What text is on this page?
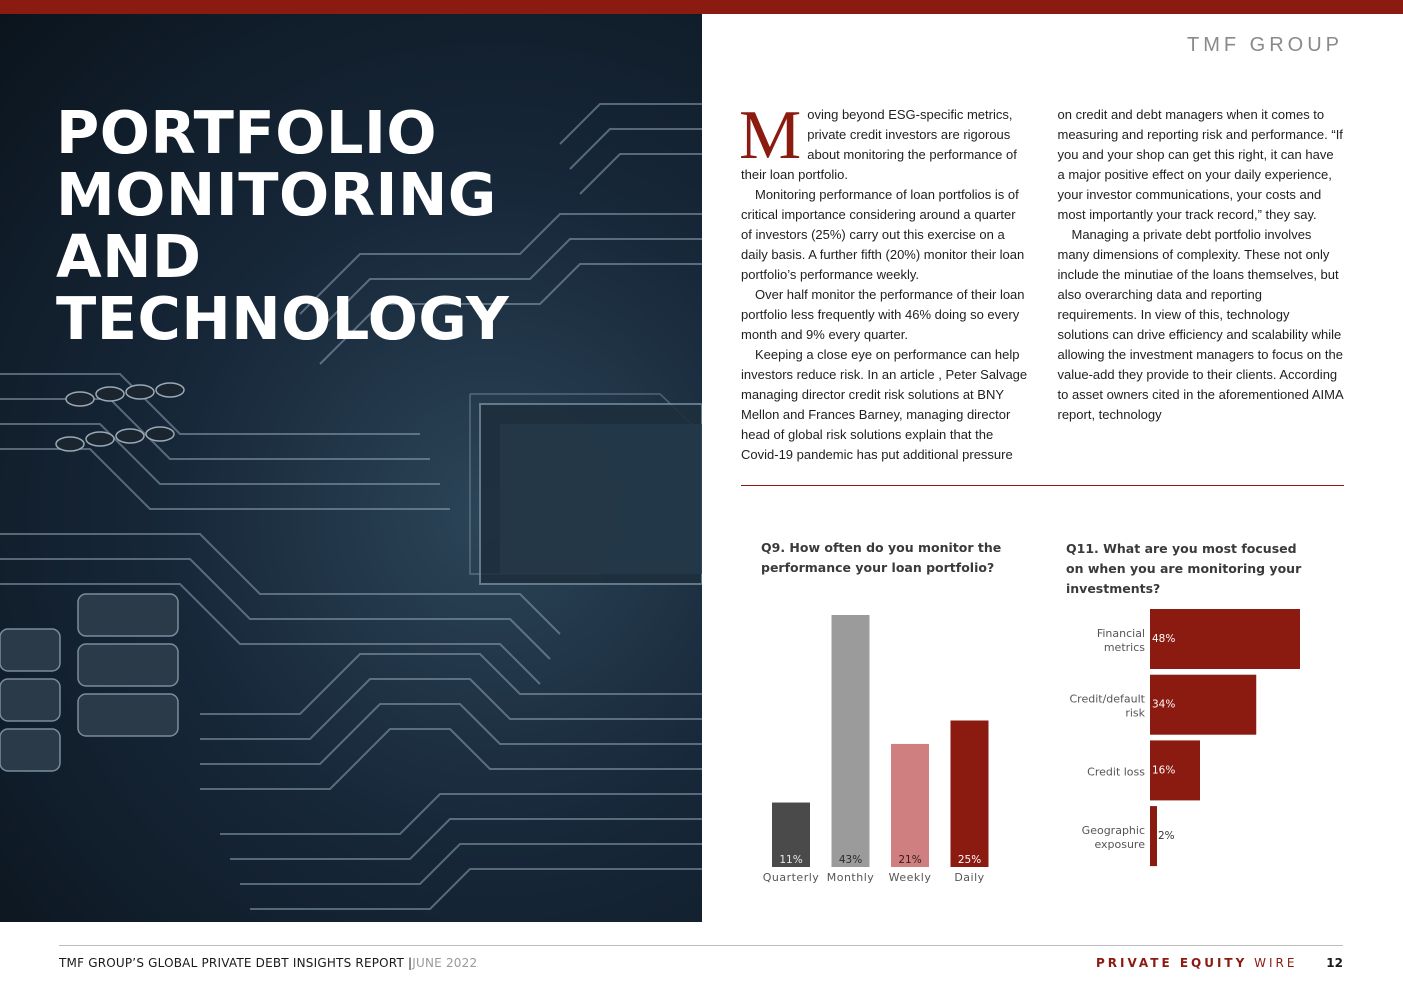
PORTFOLIO
MONITORING
AND
TECHNOLOGY
TMF GROUP

Moving beyond ESG-specific metrics, private credit investors are rigorous about monitoring the performance of their loan portfolio.

Monitoring performance of loan portfolios is of critical importance considering around a quarter of investors (25%) carry out this exercise on a daily basis. A further fifth (20%) monitor their loan portfolio’s performance weekly.

Over half monitor the performance of their loan portfolio less frequently with 46% doing so every month and 9% every quarter.

Keeping a close eye on performance can help investors reduce risk. In an article , Peter Salvage managing director credit risk solutions at BNY Mellon and Frances Barney, managing director head of global risk solutions explain that the Covid-19 pandemic has put additional pressure on credit and debt managers when it comes to measuring and reporting risk and performance. “If you and your shop can get this right, it can have a major positive effect on your daily experience, your investor communications, your costs and most importantly your track record,” they say.

Managing a private debt portfolio involves many dimensions of complexity. These not only include the minutiae of the loans themselves, but also overarching data and reporting requirements. In view of this, technology solutions can drive efficiency and scalability while allowing the investment managers to focus on the value-add they provide to their clients. According to asset owners cited in the aforementioned AIMA report, technology

Q9. How often do you monitor the performance your loan portfolio?
Q11. What are you most focused on when you are monitoring your investments?
11%
Quarterly
43%
Monthly
21%
Weekly
25%
Daily
48%
Financial
metrics
34%
Credit/default
risk
16%
Credit loss
2%
Geographic
exposure
TMF GROUP’S GLOBAL PRIVATE DEBT INSIGHTS REPORT |JUNE 2022	PRIVATE EQUITY WIRE 12
